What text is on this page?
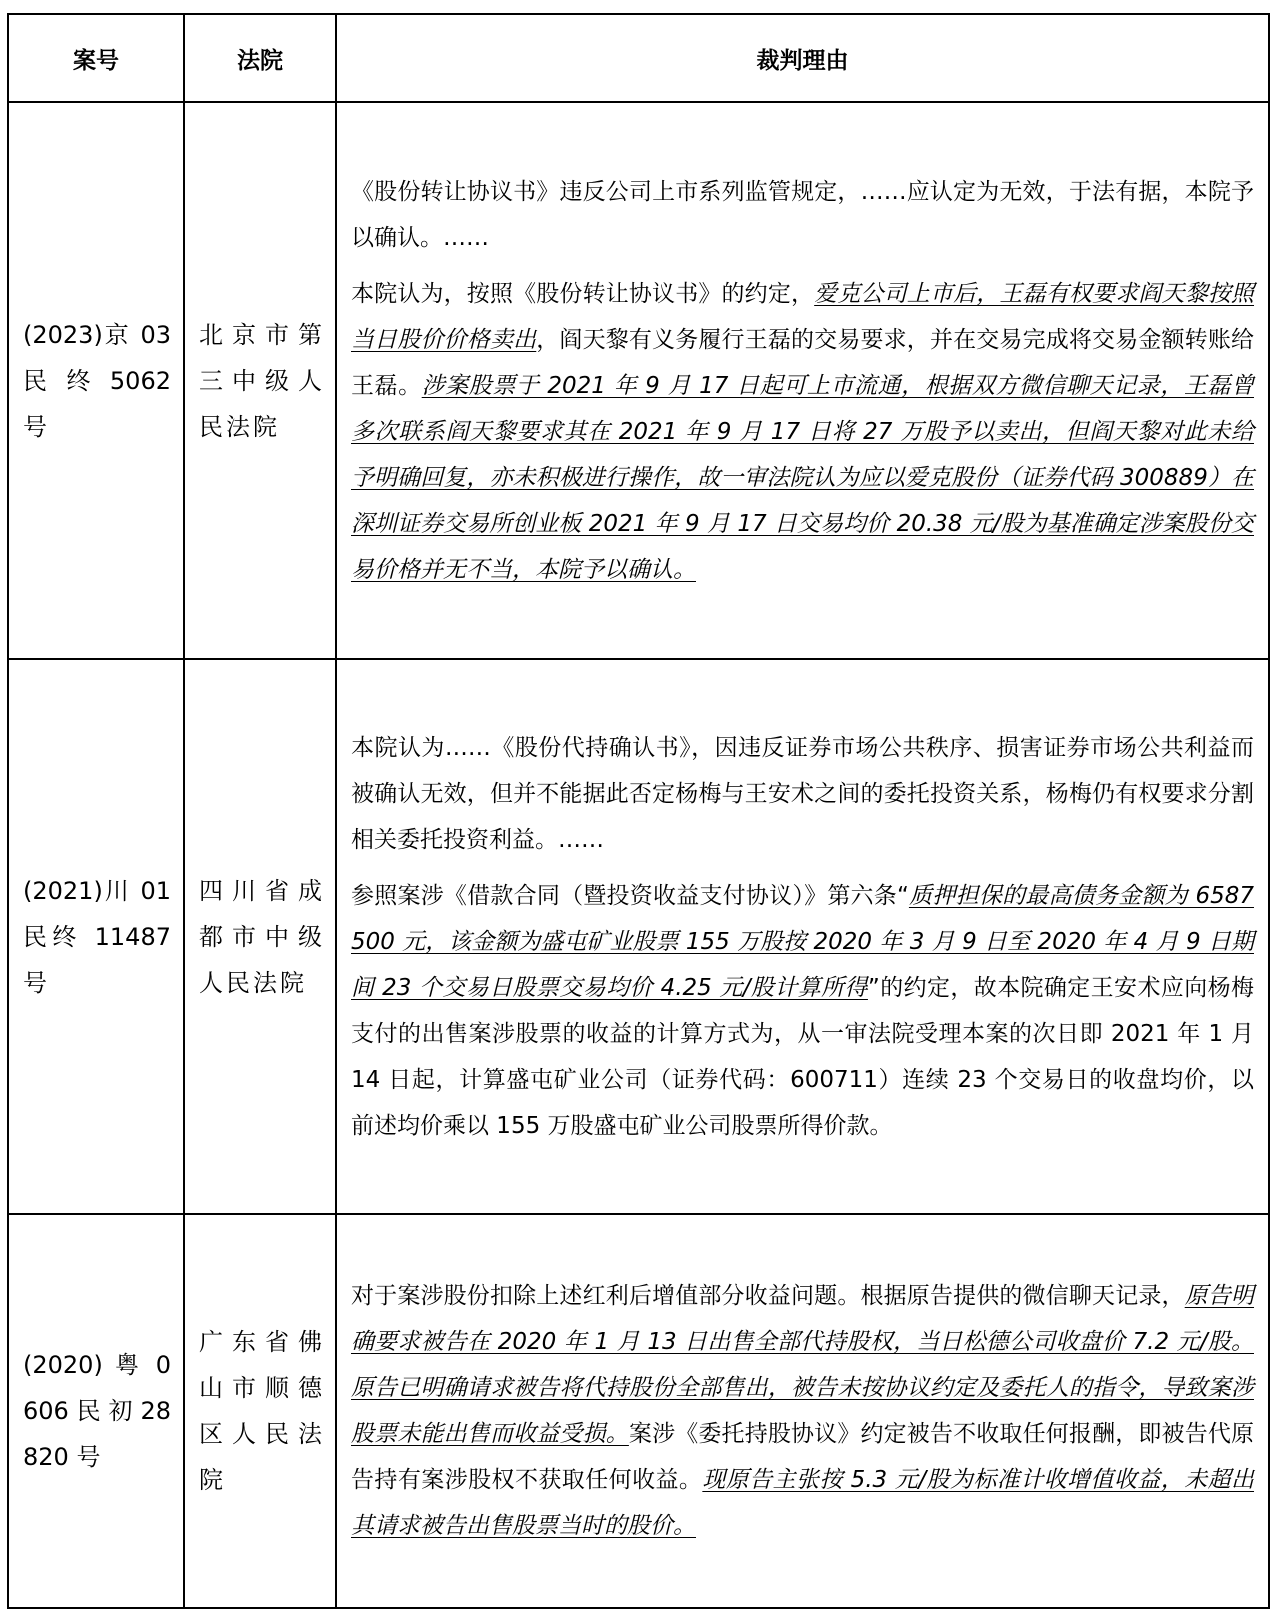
案号	法院	裁判理由
(2023)京 03 民 终 5062 号	北京市第三中级人民法院	《股份转让协议书》违反公司上市系列监管规定，……应认定为无效，于法有据，本院予以确认。……

本院认为，按照《股份转让协议书》的约定，爱克公司上市后，王磊有权要求阎天黎按照当日股价价格卖出，阎天黎有义务履行王磊的交易要求，并在交易完成将交易金额转账给王磊。涉案股票于 2021 年 9 月 17 日起可上市流通，根据双方微信聊天记录，王磊曾多次联系阎天黎要求其在 2021 年 9 月 17 日将 27 万股予以卖出，但阎天黎对此未给予明确回复，亦未积极进行操作，故一审法院认为应以爱克股份（证券代码 300889）在深圳证券交易所创业板 2021 年 9 月 17 日交易均价 20.38 元/股为基准确定涉案股份交易价格并无不当，本院予以确认。

(2021)川 01 民终 11487 号	四川省成都市中级人民法院	本院认为……《股份代持确认书》，因违反证券市场公共秩序、损害证券市场公共利益而被确认无效，但并不能据此否定杨梅与王安术之间的委托投资关系，杨梅仍有权要求分割相关委托投资利益。……

参照案涉《借款合同（暨投资收益支付协议）》第六条“质押担保的最高债务金额为 6587500 元，该金额为盛屯矿业股票 155 万股按 2020 年 3 月 9 日至 2020 年 4 月 9 日期间 23 个交易日股票交易均价 4.25 元/股计算所得”的约定，故本院确定王安术应向杨梅支付的出售案涉股票的收益的计算方式为，从一审法院受理本案的次日即 2021 年 1 月 14 日起，计算盛屯矿业公司（证券代码：600711）连续 23 个交易日的收盘均价，以前述均价乘以 155 万股盛屯矿业公司股票所得价款。

(2020) 粤 0606 民 初 28820 号	广东省佛山市顺德区人民法院	对于案涉股份扣除上述红利后增值部分收益问题。根据原告提供的微信聊天记录，原告明确要求被告在 2020 年 1 月 13 日出售全部代持股权，当日松德公司收盘价 7.2 元/股。原告已明确请求被告将代持股份全部售出，被告未按协议约定及委托人的指令，导致案涉股票未能出售而收益受损。案涉《委托持股协议》约定被告不收取任何报酬，即被告代原告持有案涉股权不获取任何收益。现原告主张按 5.3 元/股为标准计收增值收益，未超出其请求被告出售股票当时的股价。
